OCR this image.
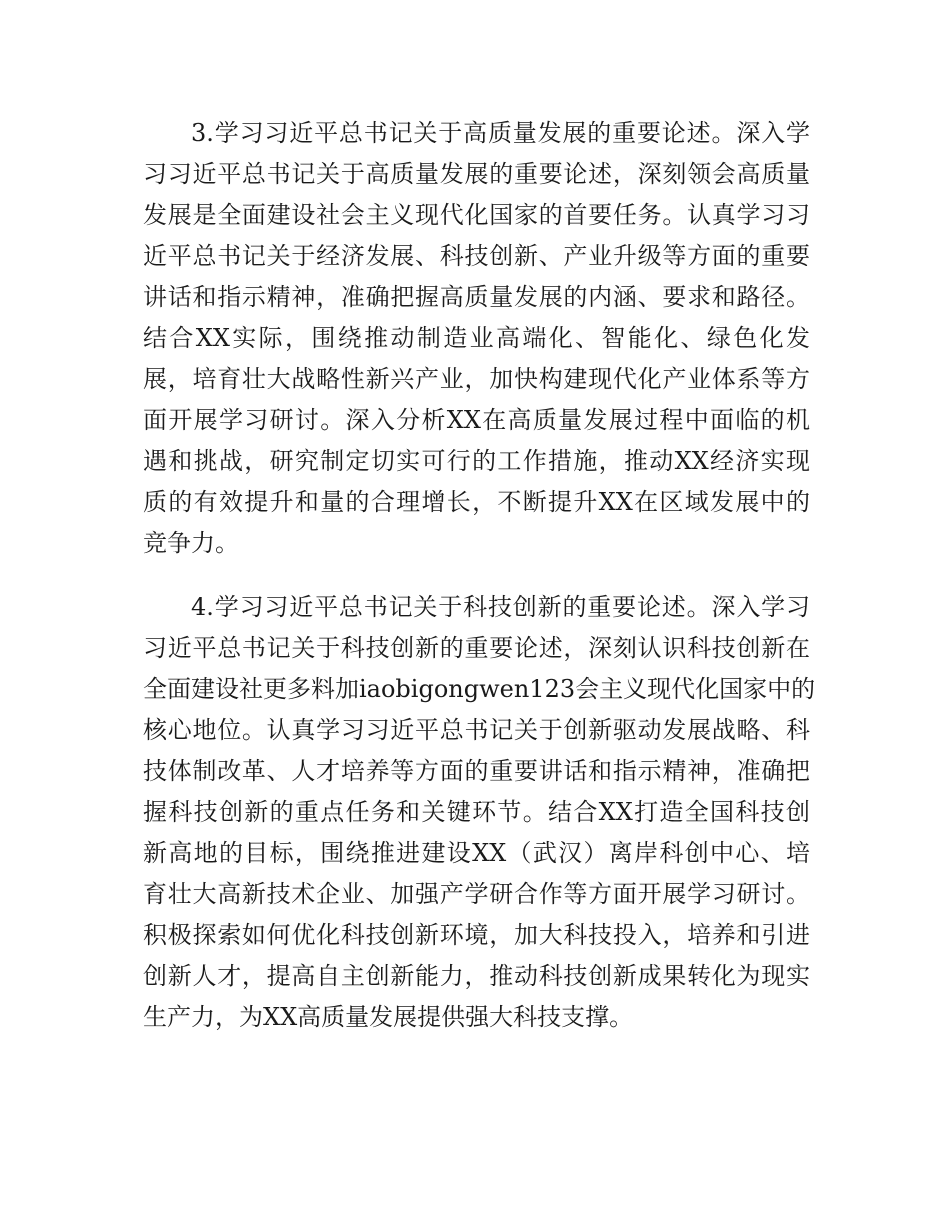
3.学习习近平总书记关于高质量发展的重要论述。深入学
习习近平总书记关于高质量发展的重要论述，深刻领会高质量
发展是全面建设社会主义现代化国家的首要任务。认真学习习
近平总书记关于经济发展、科技创新、产业升级等方面的重要
讲话和指示精神，准确把握高质量发展的内涵、要求和路径。
结合XX实际，围绕推动制造业高端化、智能化、绿色化发
展，培育壮大战略性新兴产业，加快构建现代化产业体系等方
面开展学习研讨。深入分析XX在高质量发展过程中面临的机
遇和挑战，研究制定切实可行的工作措施，推动XX经济实现
质的有效提升和量的合理增长，不断提升XX在区域发展中的
竞争力。
4.学习习近平总书记关于科技创新的重要论述。深入学习
习近平总书记关于科技创新的重要论述，深刻认识科技创新在
全面建设社更多料加iaobigongwen123会主义现代化国家中的
核心地位。认真学习习近平总书记关于创新驱动发展战略、科
技体制改革、人才培养等方面的重要讲话和指示精神，准确把
握科技创新的重点任务和关键环节。结合XX打造全国科技创
新高地的目标，围绕推进建设XX（武汉）离岸科创中心、培
育壮大高新技术企业、加强产学研合作等方面开展学习研讨。
积极探索如何优化科技创新环境，加大科技投入，培养和引进
创新人才，提高自主创新能力，推动科技创新成果转化为现实
生产力，为XX高质量发展提供强大科技支撑。
